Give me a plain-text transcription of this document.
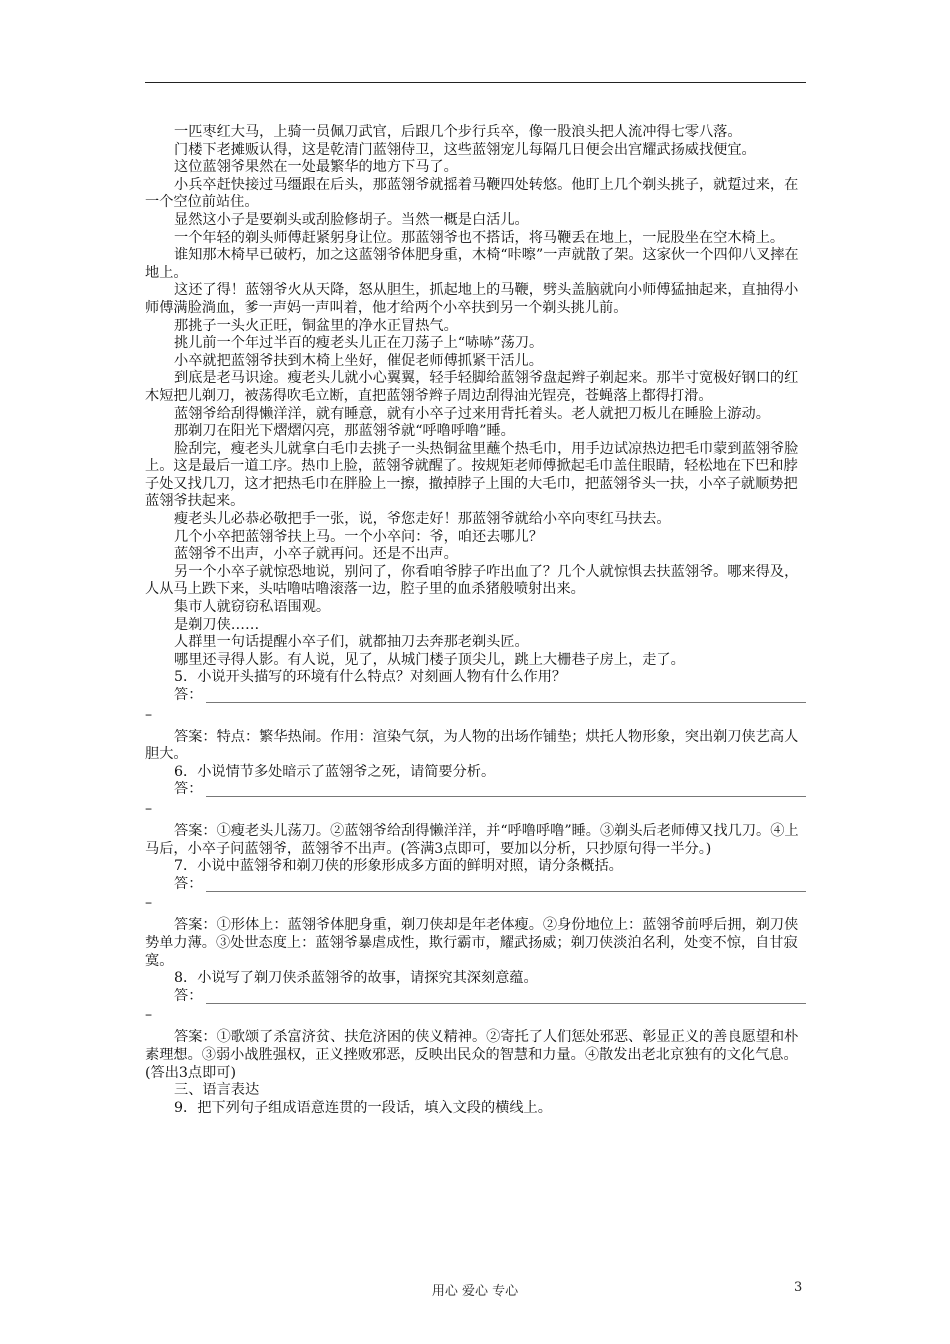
一匹枣红大马，上骑一员佩刀武官，后跟几个步行兵卒，像一股浪头把人流冲得七零八落。

门楼下老摊贩认得，这是乾清门蓝翎侍卫，这些蓝翎宠儿每隔几日便会出宫耀武扬威找便宜。

这位蓝翎爷果然在一处最繁华的地方下马了。

小兵卒赶快接过马缰跟在后头，那蓝翎爷就摇着马鞭四处转悠。他盯上几个剃头挑子，就踅过来，在一个空位前站住。

显然这小子是要剃头或刮脸修胡子。当然一概是白活儿。

一个年轻的剃头师傅赶紧躬身让位。那蓝翎爷也不搭话，将马鞭丢在地上，一屁股坐在空木椅上。

谁知那木椅早已破朽，加之这蓝翎爷体肥身重，木椅“咔嚓”一声就散了架。这家伙一个四仰八叉摔在地上。

这还了得！蓝翎爷火从天降，怒从胆生，抓起地上的马鞭，劈头盖脑就向小师傅猛抽起来，直抽得小师傅满脸淌血，爹一声妈一声叫着，他才给两个小卒扶到另一个剃头挑儿前。

那挑子一头火正旺，铜盆里的净水正冒热气。

挑儿前一个年过半百的瘦老头儿正在刀荡子上“哧哧”荡刀。

小卒就把蓝翎爷扶到木椅上坐好，催促老师傅抓紧干活儿。

到底是老马识途。瘦老头儿就小心翼翼，轻手轻脚给蓝翎爷盘起辫子剃起来。那半寸宽极好钢口的红木短把儿剃刀，被荡得吹毛立断，直把蓝翎爷辫子周边刮得油光锃亮，苍蝇落上都得打滑。

蓝翎爷给刮得懒洋洋，就有睡意，就有小卒子过来用背托着头。老人就把刀板儿在睡脸上游动。

那剃刀在阳光下熠熠闪亮，那蓝翎爷就“呼噜呼噜”睡。

脸刮完，瘦老头儿就拿白毛巾去挑子一头热铜盆里蘸个热毛巾，用手边试凉热边把毛巾蒙到蓝翎爷脸上。这是最后一道工序。热巾上脸，蓝翎爷就醒了。按规矩老师傅掀起毛巾盖住眼睛，轻松地在下巴和脖子处又找几刀，这才把热毛巾在胖脸上一擦，撤掉脖子上围的大毛巾，把蓝翎爷头一扶，小卒子就顺势把蓝翎爷扶起来。

瘦老头儿必恭必敬把手一张，说，爷您走好！那蓝翎爷就给小卒向枣红马扶去。

几个小卒把蓝翎爷扶上马。一个小卒问：爷，咱还去哪儿？

蓝翎爷不出声，小卒子就再问。还是不出声。

另一个小卒子就惊恐地说，别问了，你看咱爷脖子咋出血了？几个人就惊惧去扶蓝翎爷。哪来得及，人从马上跌下来，头咕噜咕噜滚落一边，腔子里的血杀猪般喷射出来。

集市人就窃窃私语围观。

是剃刀侠……

人群里一句话提醒小卒子们，就都抽刀去奔那老剃头匠。

哪里还寻得人影。有人说，见了，从城门楼子顶尖儿，跳上大栅巷子房上，走了。

5．小说开头描写的环境有什么特点？对刻画人物有什么作用？

答：
–

答案：特点：繁华热闹。作用：渲染气氛，为人物的出场作铺垫；烘托人物形象，突出剃刀侠艺高人胆大。

6．小说情节多处暗示了蓝翎爷之死，请简要分析。

答：
–

答案：①瘦老头儿荡刀。②蓝翎爷给刮得懒洋洋，并“呼噜呼噜”睡。③剃头后老师傅又找几刀。④上马后，小卒子问蓝翎爷，蓝翎爷不出声。(答满3点即可，要加以分析，只抄原句得一半分。)

7．小说中蓝翎爷和剃刀侠的形象形成多方面的鲜明对照，请分条概括。

答：
–

答案：①形体上：蓝翎爷体肥身重，剃刀侠却是年老体瘦。②身份地位上：蓝翎爷前呼后拥，剃刀侠势单力薄。③处世态度上：蓝翎爷暴虐成性，欺行霸市，耀武扬威；剃刀侠淡泊名利，处变不惊，自甘寂寞。

8．小说写了剃刀侠杀蓝翎爷的故事，请探究其深刻意蕴。

答：
–

答案：①歌颂了杀富济贫、扶危济困的侠义精神。②寄托了人们惩处邪恶、彰显正义的善良愿望和朴素理想。③弱小战胜强权，正义挫败邪恶，反映出民众的智慧和力量。④散发出老北京独有的文化气息。(答出3点即可)

三、语言表达

9．把下列句子组成语意连贯的一段话，填入文段的横线上。

用心 爱心 专心	3
